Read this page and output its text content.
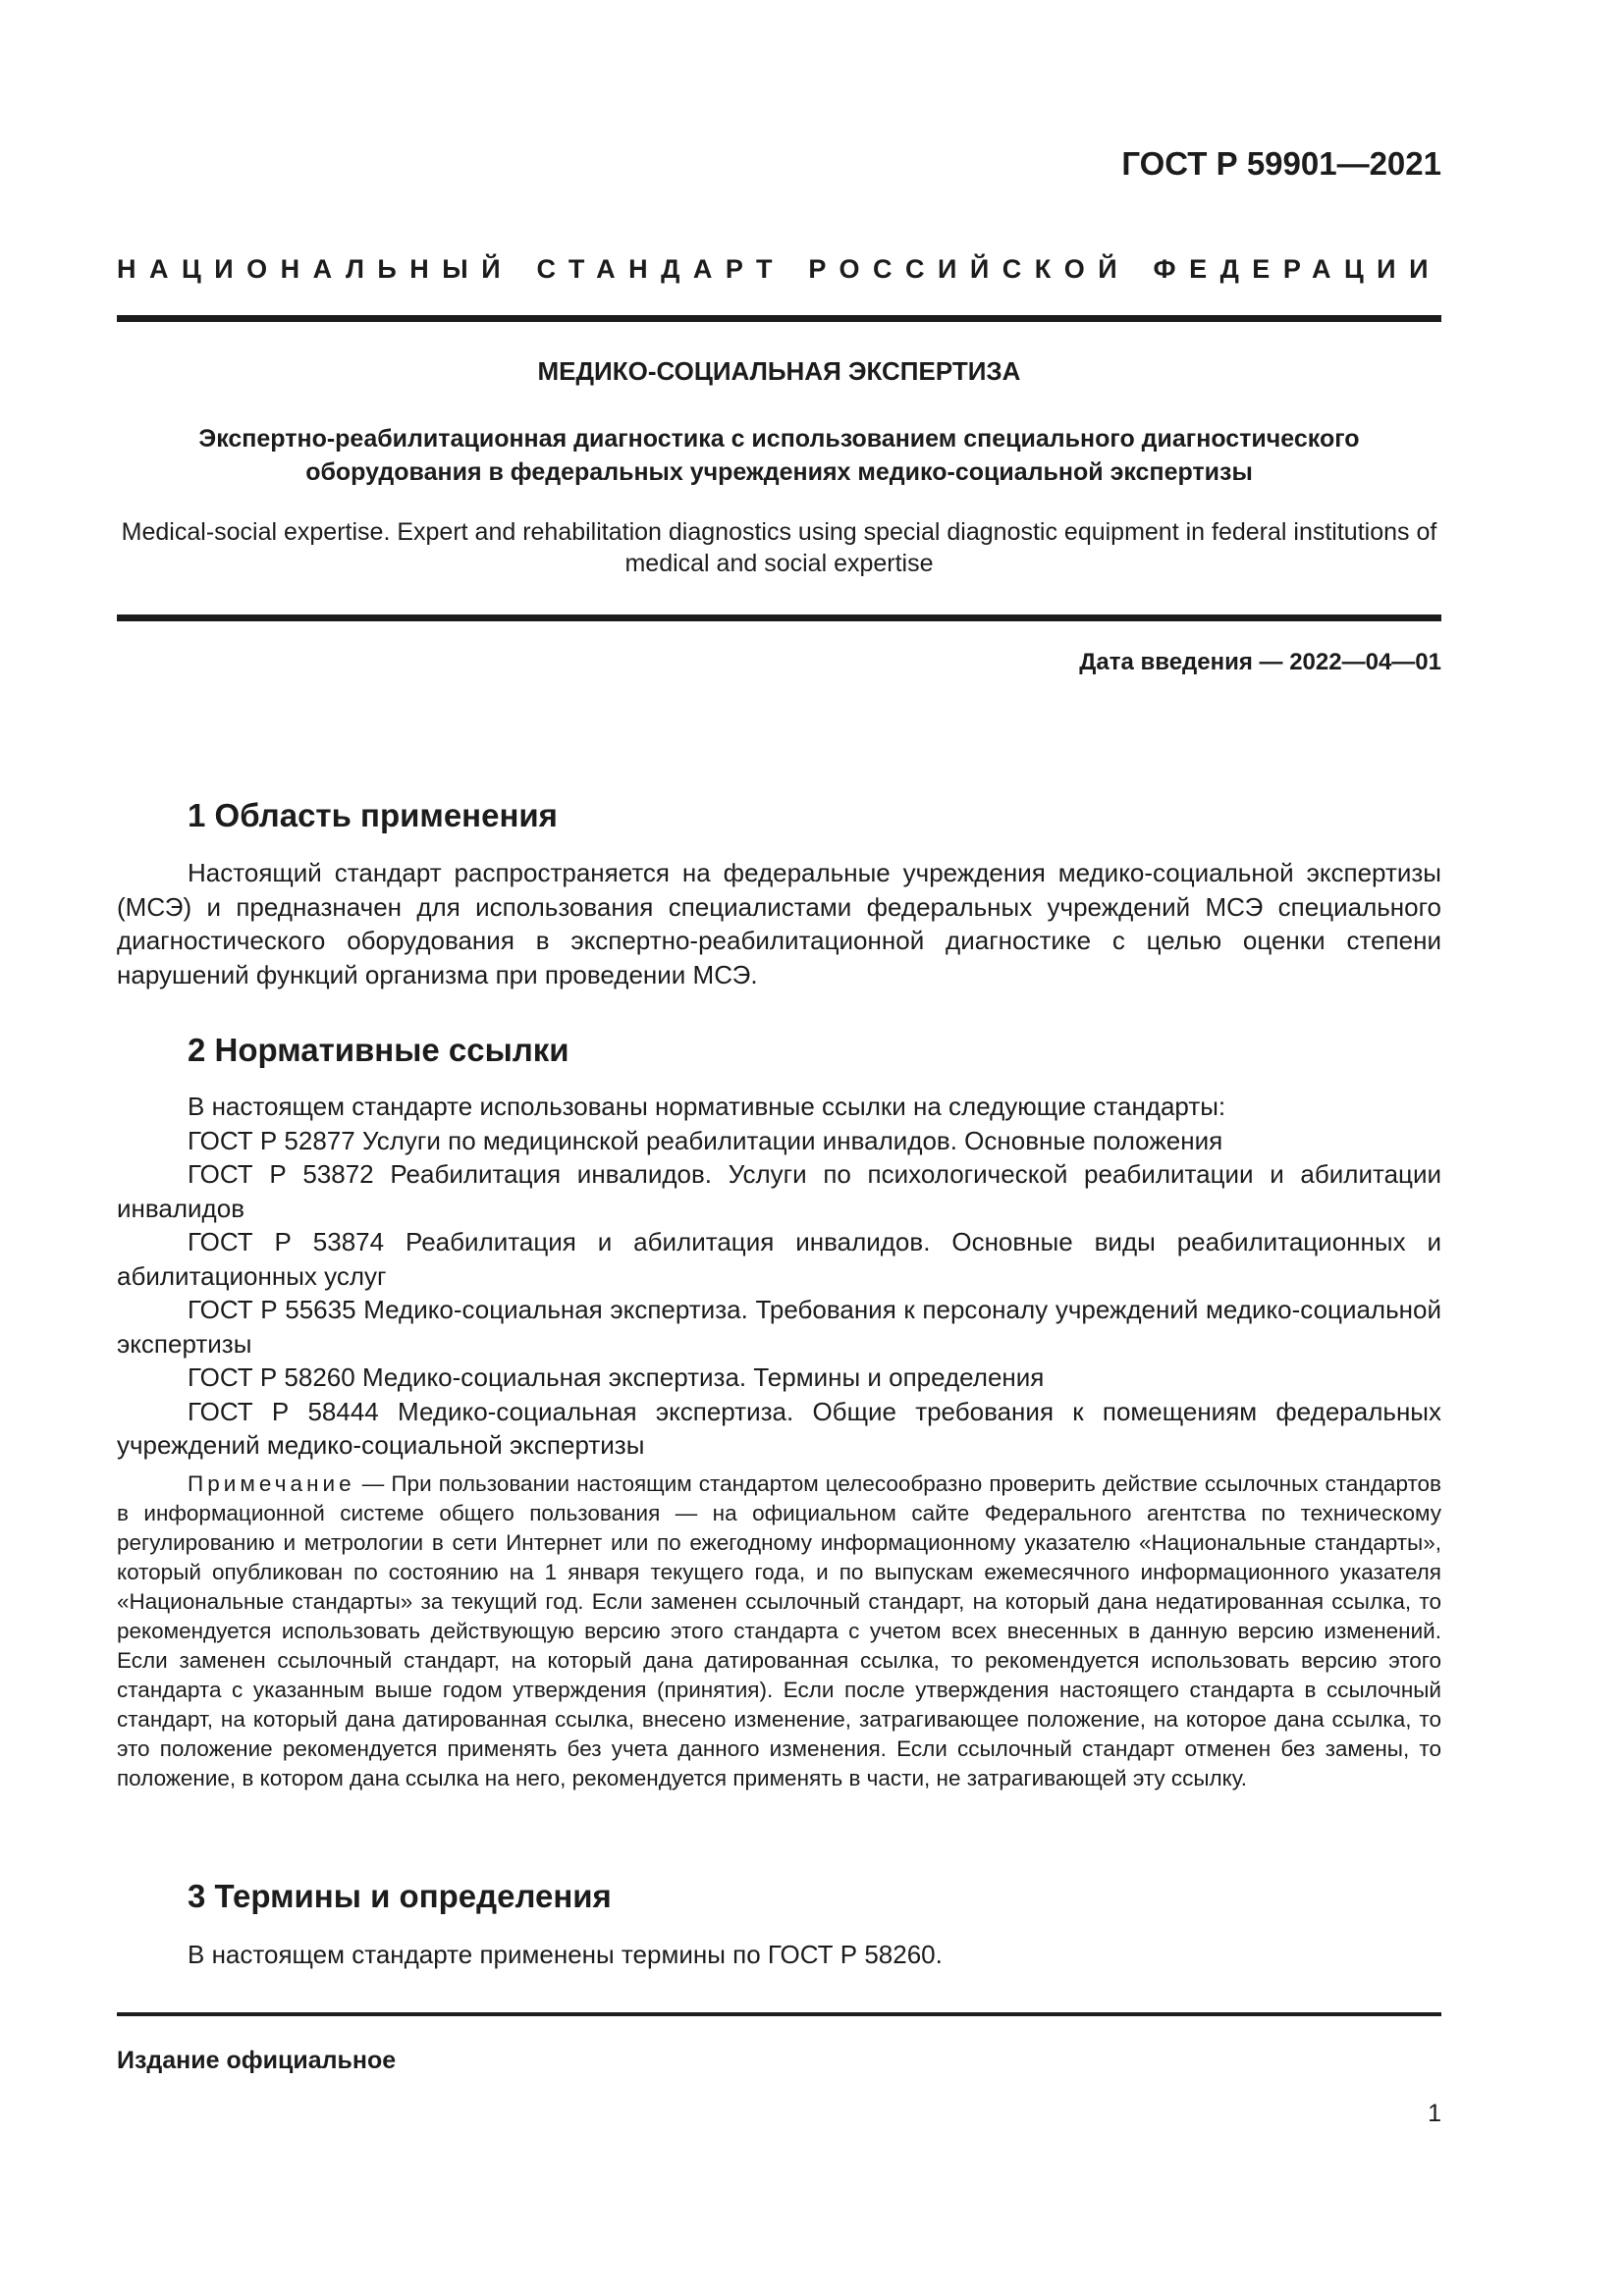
ГОСТ Р 59901—2021
НАЦИОНАЛЬНЫЙ СТАНДАРТ РОССИЙСКОЙ ФЕДЕРАЦИИ
МЕДИКО-СОЦИАЛЬНАЯ ЭКСПЕРТИЗА
Экспертно-реабилитационная диагностика с использованием специального диагностического оборудования в федеральных учреждениях медико-социальной экспертизы
Medical-social expertise. Expert and rehabilitation diagnostics using special diagnostic equipment in federal institutions of medical and social expertise
Дата введения — 2022—04—01
1 Область применения

Настоящий стандарт распространяется на федеральные учреждения медико-социальной экспертизы (МСЭ) и предназначен для использования специалистами федеральных учреждений МСЭ специального диагностического оборудования в экспертно-реабилитационной диагностике с целью оценки степени нарушений функций организма при проведении МСЭ.

2 Нормативные ссылки

В настоящем стандарте использованы нормативные ссылки на следующие стандарты:

ГОСТ Р 52877 Услуги по медицинской реабилитации инвалидов. Основные положения

ГОСТ Р 53872 Реабилитация инвалидов. Услуги по психологической реабилитации и абилитации инвалидов

ГОСТ Р 53874 Реабилитация и абилитация инвалидов. Основные виды реабилитационных и абилитационных услуг

ГОСТ Р 55635 Медико-социальная экспертиза. Требования к персоналу учреждений медико-социальной экспертизы

ГОСТ Р 58260 Медико-социальная экспертиза. Термины и определения

ГОСТ Р 58444 Медико-социальная экспертиза. Общие требования к помещениям федеральных учреждений медико-социальной экспертизы

Примечание — При пользовании настоящим стандартом целесообразно проверить действие ссылочных стандартов в информационной системе общего пользования — на официальном сайте Федерального агентства по техническому регулированию и метрологии в сети Интернет или по ежегодному информационному указателю «Национальные стандарты», который опубликован по состоянию на 1 января текущего года, и по выпускам ежемесячного информационного указателя «Национальные стандарты» за текущий год. Если заменен ссылочный стандарт, на который дана недатированная ссылка, то рекомендуется использовать действующую версию этого стандарта с учетом всех внесенных в данную версию изменений. Если заменен ссылочный стандарт, на который дана датированная ссылка, то рекомендуется использовать версию этого стандарта с указанным выше годом утверждения (принятия). Если после утверждения настоящего стандарта в ссылочный стандарт, на который дана датированная ссылка, внесено изменение, затрагивающее положение, на которое дана ссылка, то это положение рекомендуется применять без учета данного изменения. Если ссылочный стандарт отменен без замены, то положение, в котором дана ссылка на него, рекомендуется применять в части, не затрагивающей эту ссылку.

3 Термины и определения

В настоящем стандарте применены термины по ГОСТ Р 58260.

Издание официальное
1
